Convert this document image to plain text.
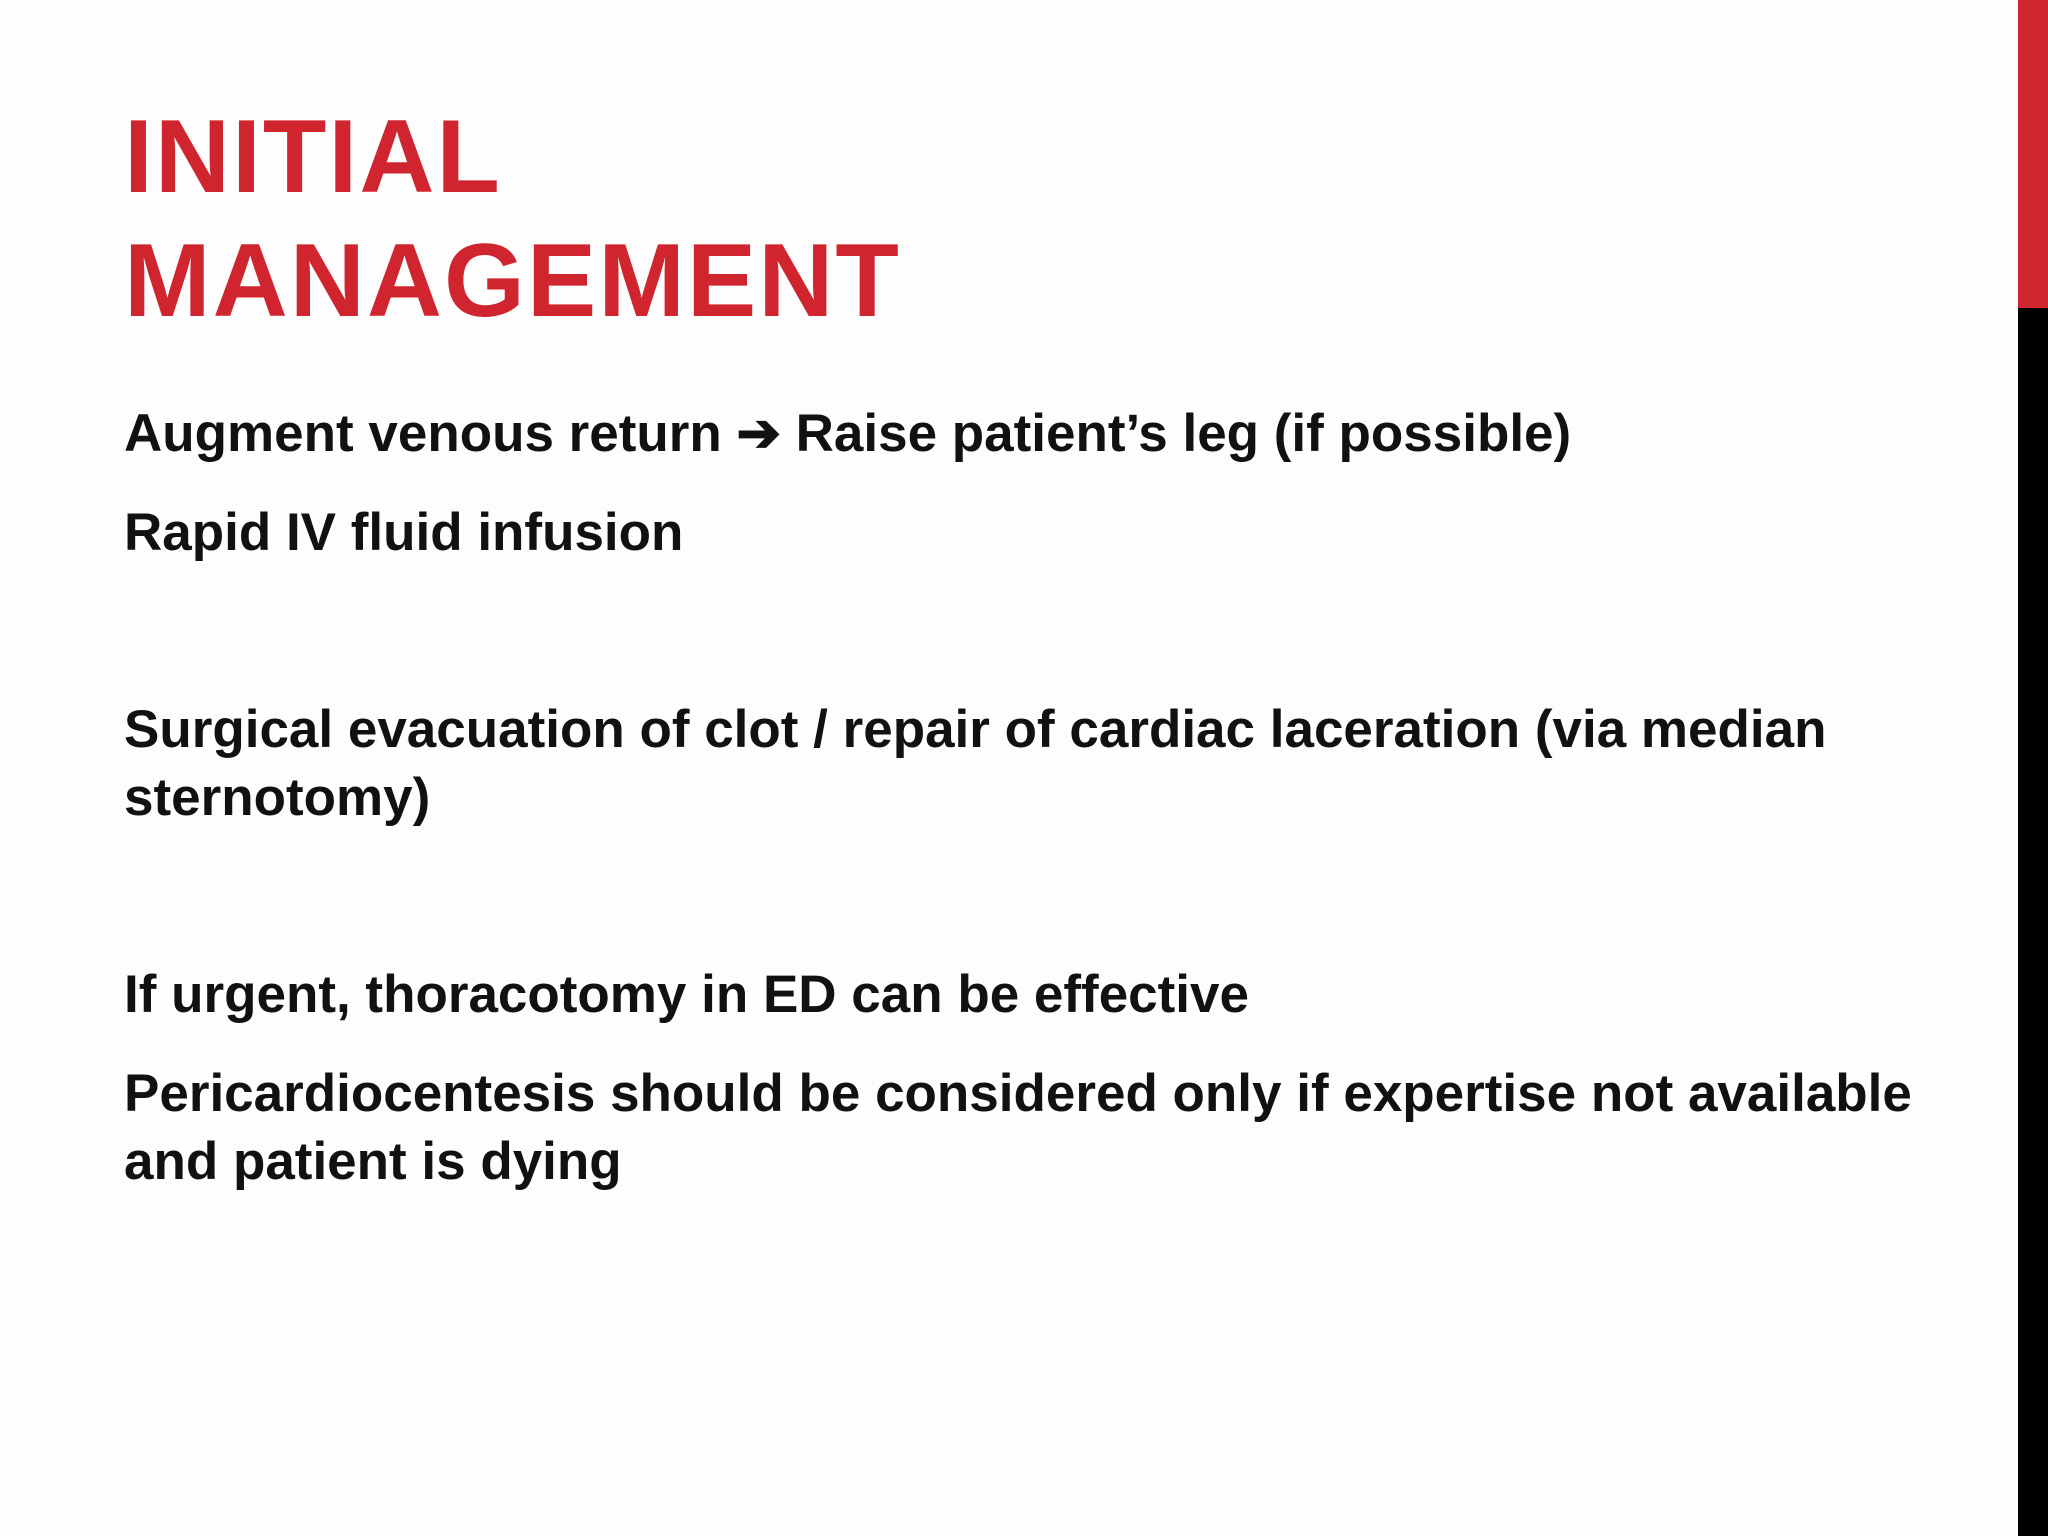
INITIAL
MANAGEMENT
Augment venous return ➔ Raise patient’s leg (if possible)
Rapid IV fluid infusion
Surgical evacuation of clot / repair of cardiac laceration (via median sternotomy)
If urgent, thoracotomy in ED can be effective
Pericardiocentesis should be considered only if expertise not available and patient is dying
